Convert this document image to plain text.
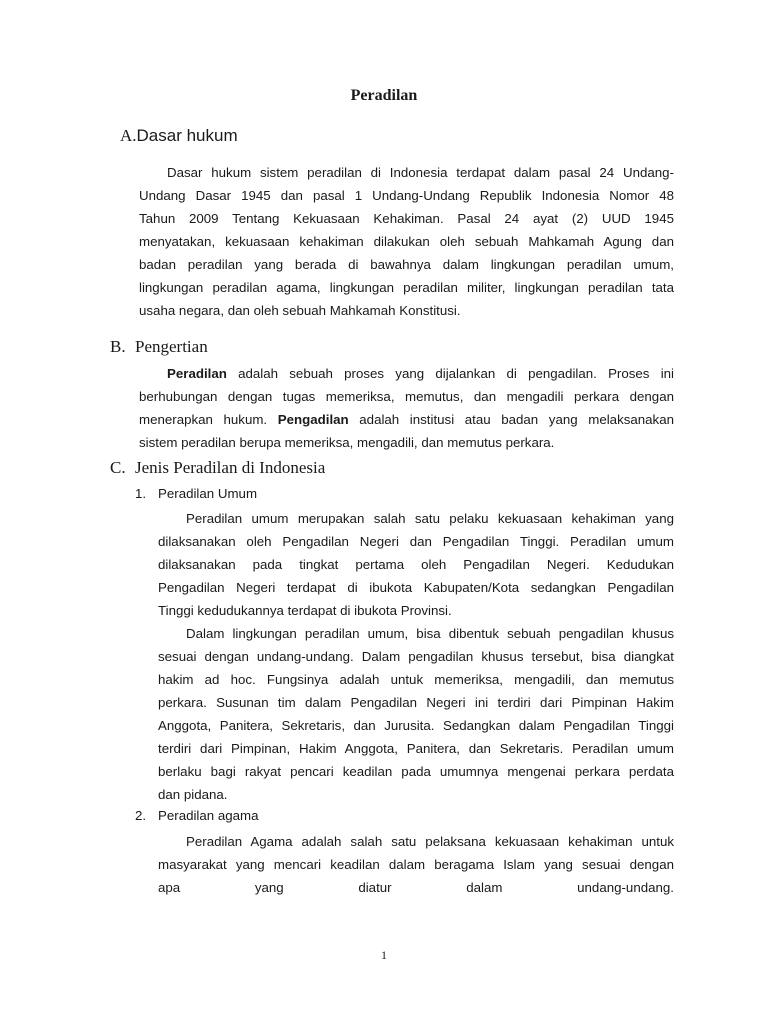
Peradilan
A. Dasar hukum
Dasar hukum sistem peradilan di Indonesia terdapat dalam pasal 24 Undang-
Undang Dasar 1945 dan pasal 1 Undang-Undang Republik Indonesia Nomor 48
Tahun 2009 Tentang Kekuasaan Kehakiman. Pasal 24 ayat (2) UUD 1945
menyatakan, kekuasaan kehakiman dilakukan oleh sebuah Mahkamah Agung dan
badan peradilan yang berada di bawahnya dalam lingkungan peradilan umum,
lingkungan peradilan agama, lingkungan peradilan militer, lingkungan peradilan tata
usaha negara, dan oleh sebuah Mahkamah Konstitusi.
B. Pengertian
Peradilan adalah sebuah proses yang dijalankan di pengadilan. Proses ini
berhubungan dengan tugas memeriksa, memutus, dan mengadili perkara dengan
menerapkan hukum. Pengadilan adalah institusi atau badan yang melaksanakan
sistem peradilan berupa memeriksa, mengadili, dan memutus perkara.
C. Jenis Peradilan di Indonesia
1. Peradilan Umum
Peradilan umum merupakan salah satu pelaku kekuasaan kehakiman yang
dilaksanakan oleh Pengadilan Negeri dan Pengadilan Tinggi. Peradilan umum
dilaksanakan pada tingkat pertama oleh Pengadilan Negeri. Kedudukan
Pengadilan Negeri terdapat di ibukota Kabupaten/Kota sedangkan Pengadilan
Tinggi kedudukannya terdapat di ibukota Provinsi.
Dalam lingkungan peradilan umum, bisa dibentuk sebuah pengadilan khusus
sesuai dengan undang-undang. Dalam pengadilan khusus tersebut, bisa diangkat
hakim ad hoc. Fungsinya adalah untuk memeriksa, mengadili, dan memutus
perkara. Susunan tim dalam Pengadilan Negeri ini terdiri dari Pimpinan Hakim
Anggota, Panitera, Sekretaris, dan Jurusita. Sedangkan dalam Pengadilan Tinggi
terdiri dari Pimpinan, Hakim Anggota, Panitera, dan Sekretaris. Peradilan umum
berlaku bagi rakyat pencari keadilan pada umumnya mengenai perkara perdata
dan pidana.
2. Peradilan agama
Peradilan Agama adalah salah satu pelaksana kekuasaan kehakiman untuk
masyarakat yang mencari keadilan dalam beragama Islam yang sesuai dengan
apa yang diatur dalam undang-undang.
1
